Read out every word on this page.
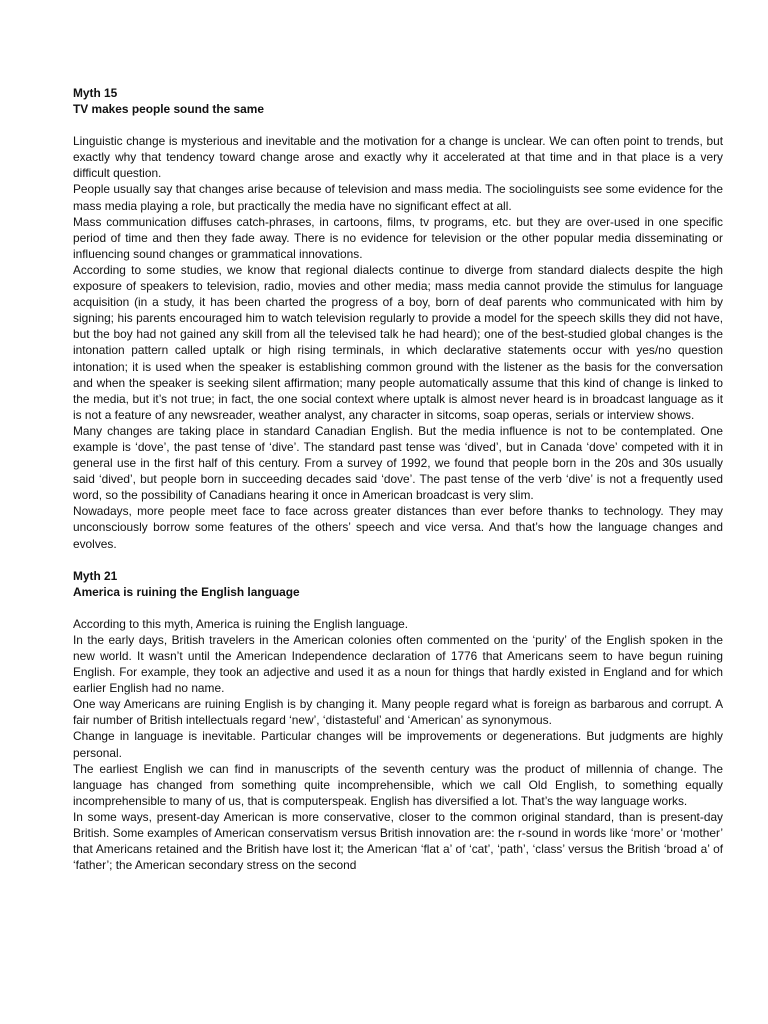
Myth 15
TV makes people sound the same

Linguistic change is mysterious and inevitable and the motivation for a change is unclear. We can often point to trends, but exactly why that tendency toward change arose and exactly why it accelerated at that time and in that place is a very difficult question.

People usually say that changes arise because of television and mass media. The sociolinguists see some evidence for the mass media playing a role, but practically the media have no significant effect at all.

Mass communication diffuses catch-phrases, in cartoons, films, tv programs, etc. but they are over-used in one specific period of time and then they fade away. There is no evidence for television or the other popular media disseminating or influencing sound changes or grammatical innovations.

According to some studies, we know that regional dialects continue to diverge from standard dialects despite the high exposure of speakers to television, radio, movies and other media; mass media cannot provide the stimulus for language acquisition (in a study, it has been charted the progress of a boy, born of deaf parents who communicated with him by signing; his parents encouraged him to watch television regularly to provide a model for the speech skills they did not have, but the boy had not gained any skill from all the televised talk he had heard); one of the best-studied global changes is the intonation pattern called uptalk or high rising terminals, in which declarative statements occur with yes/no question intonation; it is used when the speaker is establishing common ground with the listener as the basis for the conversation and when the speaker is seeking silent affirmation; many people automatically assume that this kind of change is linked to the media, but it’s not true; in fact, the one social context where uptalk is almost never heard is in broadcast language as it is not a feature of any newsreader, weather analyst, any character in sitcoms, soap operas, serials or interview shows.

Many changes are taking place in standard Canadian English. But the media influence is not to be contemplated. One example is ‘dove’, the past tense of ‘dive’. The standard past tense was ‘dived’, but in Canada ‘dove’ competed with it in general use in the first half of this century. From a survey of 1992, we found that people born in the 20s and 30s usually said ‘dived’, but people born in succeeding decades said ‘dove’. The past tense of the verb ‘dive’ is not a frequently used word, so the possibility of Canadians hearing it once in American broadcast is very slim.

Nowadays, more people meet face to face across greater distances than ever before thanks to technology. They may unconsciously borrow some features of the others’ speech and vice versa. And that’s how the language changes and evolves.

Myth 21
America is ruining the English language

According to this myth, America is ruining the English language.

In the early days, British travelers in the American colonies often commented on the ‘purity’ of the English spoken in the new world. It wasn’t until the American Independence declaration of 1776 that Americans seem to have begun ruining English. For example, they took an adjective and used it as a noun for things that hardly existed in England and for which earlier English had no name.

One way Americans are ruining English is by changing it. Many people regard what is foreign as barbarous and corrupt. A fair number of British intellectuals regard ‘new’, ‘distasteful’ and ‘American’ as synonymous.

Change in language is inevitable. Particular changes will be improvements or degenerations. But judgments are highly personal.

The earliest English we can find in manuscripts of the seventh century was the product of millennia of change. The language has changed from something quite incomprehensible, which we call Old English, to something equally incomprehensible to many of us, that is computerspeak. English has diversified a lot. That’s the way language works.

In some ways, present-day American is more conservative, closer to the common original standard, than is present-day British. Some examples of American conservatism versus British innovation are: the r-sound in words like ‘more’ or ‘mother’ that Americans retained and the British have lost it; the American ‘flat a’ of ‘cat’, ‘path’, ‘class’ versus the British ‘broad a’ of ‘father’; the American secondary stress on the second
